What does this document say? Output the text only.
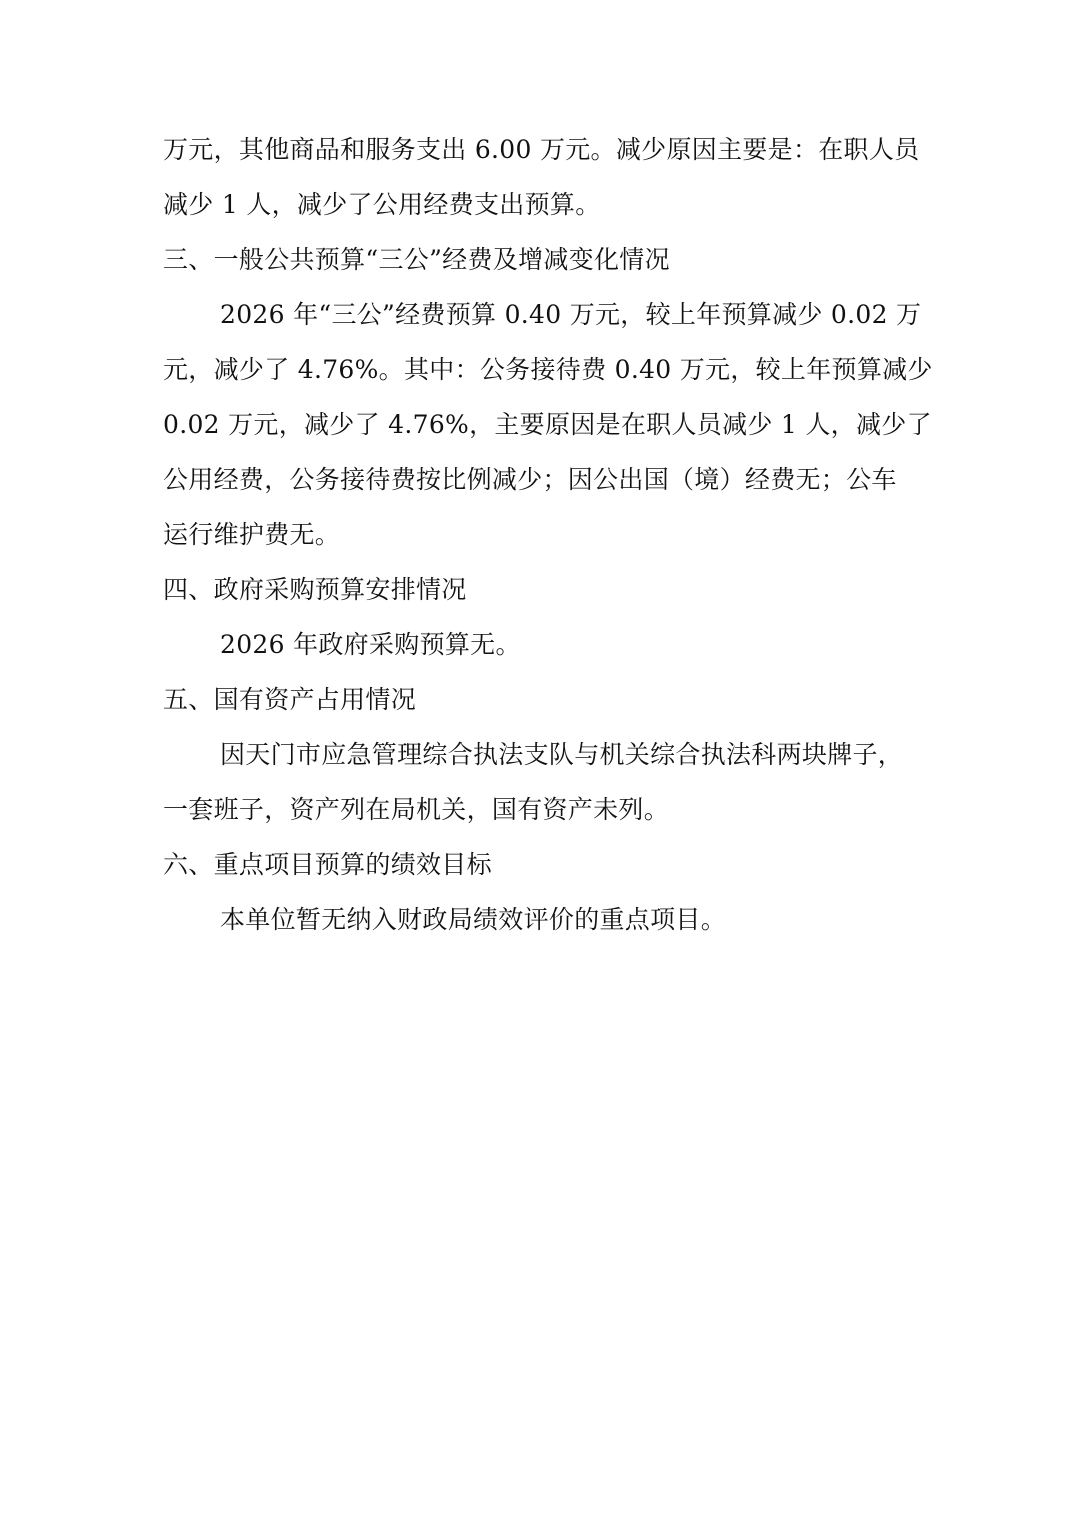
万元，其他商品和服务支出 6.00 万元。减少原因主要是：在职人员
减少 1 人，减少了公用经费支出预算。
三、一般公共预算“三公”经费及增减变化情况
2026 年“三公”经费预算 0.40 万元，较上年预算减少 0.02 万
元，减少了 4.76%。其中：公务接待费 0.40 万元，较上年预算减少
0.02 万元，减少了 4.76%，主要原因是在职人员减少 1 人，减少了
公用经费，公务接待费按比例减少；因公出国（境）经费无；公车
运行维护费无。
四、政府采购预算安排情况
2026 年政府采购预算无。
五、国有资产占用情况
因天门市应急管理综合执法支队与机关综合执法科两块牌子，
一套班子，资产列在局机关，国有资产未列。
六、重点项目预算的绩效目标
本单位暂无纳入财政局绩效评价的重点项目。
